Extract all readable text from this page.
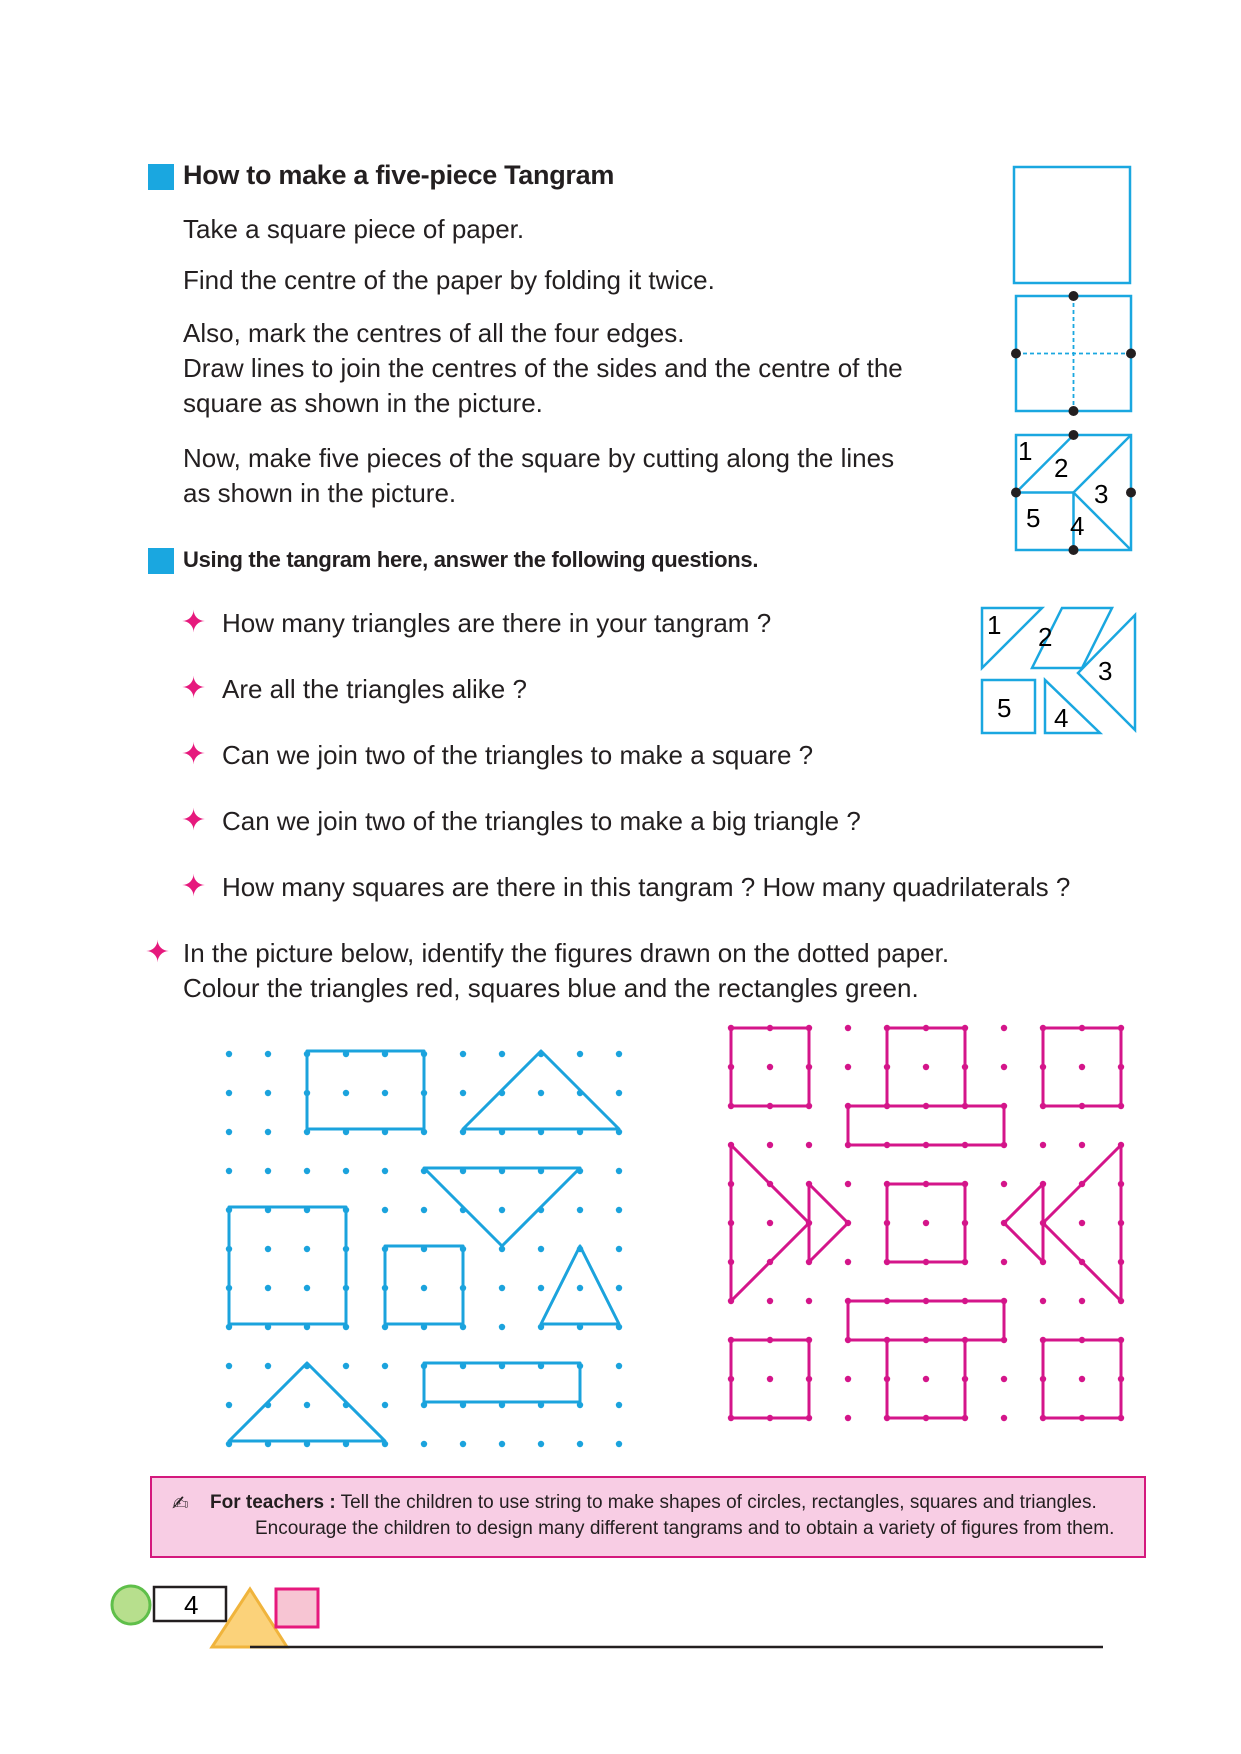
How to make a five-piece Tangram
Take a square piece of paper.
Find the centre of the paper by folding it twice.
Also, mark the centres of all the four edges.
Draw lines to join the centres of the sides and the centre of the
square as shown in the picture.
Now, make five pieces of the square by cutting along the lines
as shown in the picture.
1
2
3
4
5
Using the tangram here, answer the following questions.
✦ How many triangles are there in your tangram ?
✦ Are all the triangles alike ?
✦ Can we join two of the triangles to make a square ?
✦ Can we join two of the triangles to make a big triangle ?
✦ How many squares are there in this tangram ? How many quadrilaterals ?
1 2
3
5 4
✦ In the picture below, identify the figures drawn on the dotted paper.
Colour the triangles red, squares blue and the rectangles green.
✍ For teachers : Tell the children to use string to make shapes of circles, rectangles, squares and triangles.
Encourage the children to design many different tangrams and to obtain a variety of figures from them.
4
